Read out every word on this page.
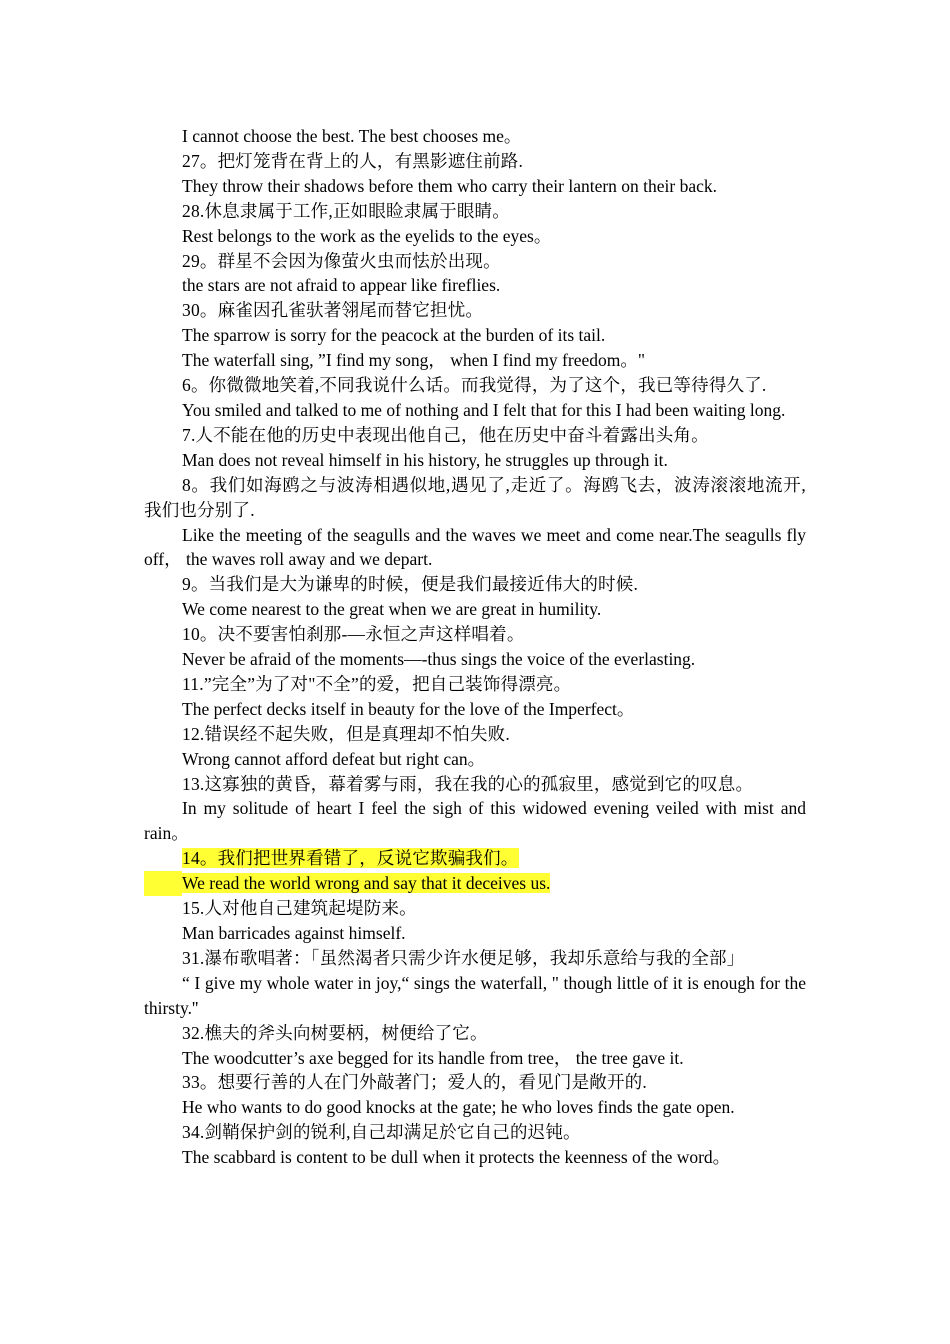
I cannot choose the best. The best chooses me。

27。把灯笼背在背上的人，有黑影遮住前路.

They throw their shadows before them who carry their lantern on their back.

28.休息隶属于工作,正如眼睑隶属于眼睛。

Rest belongs to the work as the eyelids to the eyes。

29。群星不会因为像萤火虫而怯於出现。

the stars are not afraid to appear like fireflies.

30。麻雀因孔雀驮著翎尾而替它担忧。

The sparrow is sorry for the peacock at the burden of its tail.

The waterfall sing, ”I find my song， when I find my freedom。"

6。你微微地笑着,不同我说什么话。而我觉得，为了这个，我已等待得久了.

You smiled and talked to me of nothing and I felt that for this I had been waiting long.

7.人不能在他的历史中表现出他自己，他在历史中奋斗着露出头角。

Man does not reveal himself in his history, he struggles up through it.

8。我们如海鸥之与波涛相遇似地,遇见了,走近了。海鸥飞去，波涛滚滚地流开,我们也分别了.

Like the meeting of the seagulls and the waves we meet and come near.The seagulls fly off， the waves roll away and we depart.

9。当我们是大为谦卑的时候，便是我们最接近伟大的时候.

We come nearest to the great when we are great in humility.

10。决不要害怕刹那-—永恒之声这样唱着。

Never be afraid of the moments—-thus sings the voice of the everlasting.

11.”完全”为了对"不全”的爱，把自己装饰得漂亮。

The perfect decks itself in beauty for the love of the Imperfect。

12.错误经不起失败，但是真理却不怕失败.

Wrong cannot afford defeat but right can。

13.这寡独的黄昏，幕着雾与雨，我在我的心的孤寂里，感觉到它的叹息。

In my solitude of heart I feel the sigh of this widowed evening veiled with mist and rain。

14。我们把世界看错了，反说它欺骗我们。

We read the world wrong and say that it deceives us.

15.人对他自己建筑起堤防来。

Man barricades against himself.

31.瀑布歌唱著：「虽然渴者只需少许水便足够，我却乐意给与我的全部」

“ I give my whole water in joy,“ sings the waterfall, " though little of it is enough for the thirsty.''

32.樵夫的斧头向树要柄，树便给了它。

The woodcutter’s axe begged for its handle from tree， the tree gave it.

33。想要行善的人在门外敲著门；爱人的，看见门是敞开的.

He who wants to do good knocks at the gate; he who loves finds the gate open.

34.剑鞘保护剑的锐利,自己却满足於它自己的迟钝。

The scabbard is content to be dull when it protects the keenness of the word。
